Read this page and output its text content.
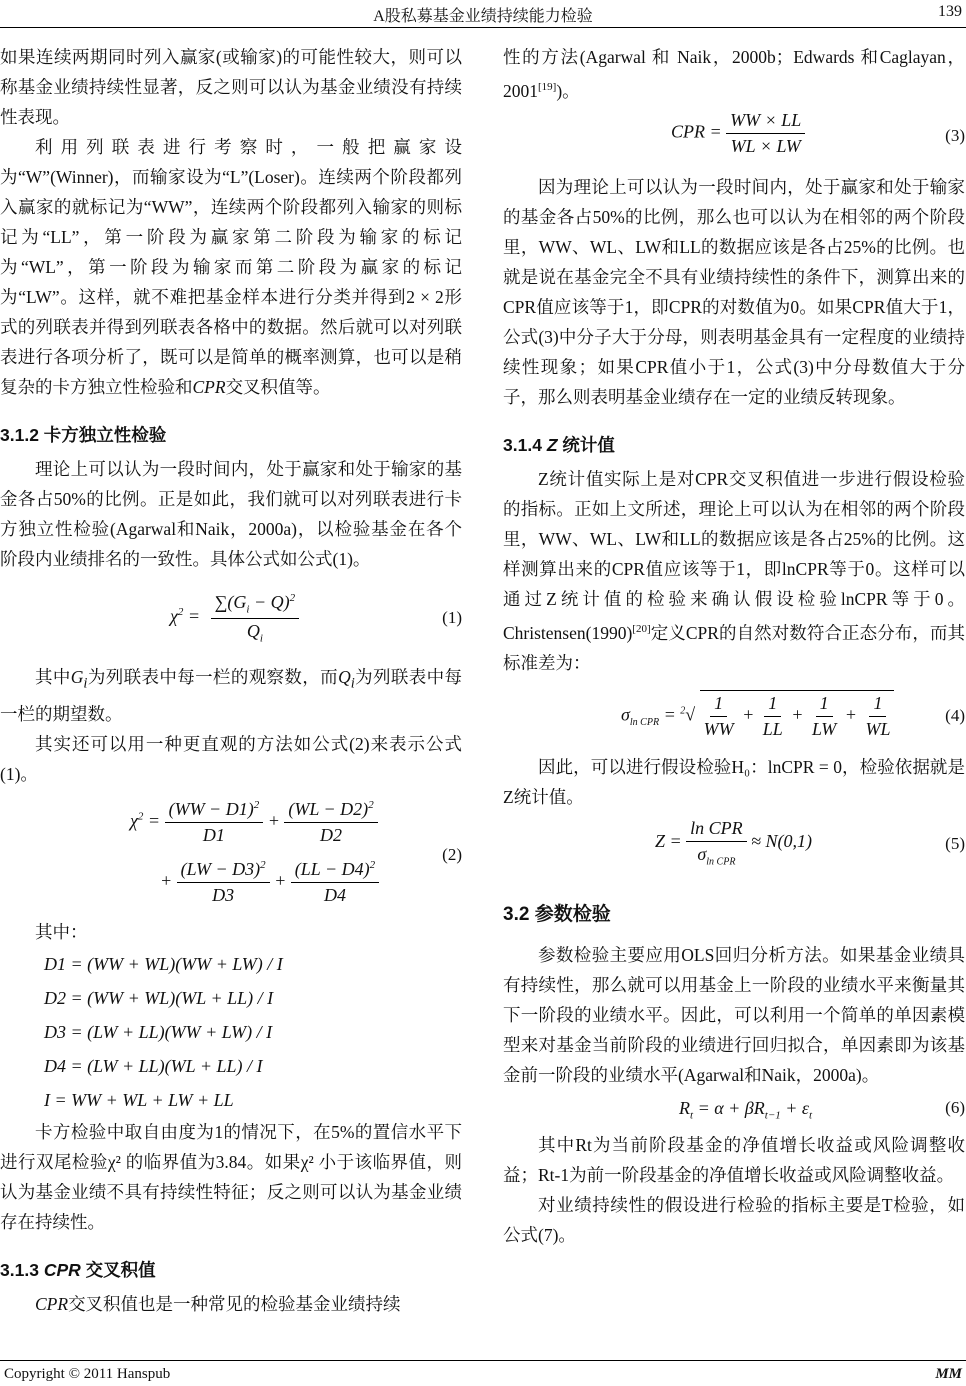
A股私募基金业绩持续能力检验	139

如果连续两期同时列入赢家(或输家)的可能性较大，则可以称基金业绩持续性显著，反之则可以认为基金业绩没有持续性表现。

利用列联表进行考察时，一般把赢家设为“W”(Winner)，而输家设为“L”(Loser)。连续两个阶段都列入赢家的就标记为“WW”，连续两个阶段都列入输家的则标记为“LL”，第一阶段为赢家第二阶段为输家的标记为“WL”，第一阶段为输家而第二阶段为赢家的标记为“LW”。这样，就不难把基金样本进行分类并得到2 × 2形式的列联表并得到列联表各格中的数据。然后就可以对列联表进行各项分析了，既可以是简单的概率测算，也可以是稍复杂的卡方独立性检验和CPR交叉积值等。

3.1.2 卡方独立性检验

理论上可以认为一段时间内，处于赢家和处于输家的基金各占50%的比例。正是如此，我们就可以对列联表进行卡方独立性检验(Agarwal和Naik，2000a)，以检验基金在各个阶段内业绩排名的一致性。具体公式如公式(1)。

$\chi^2 = \frac{\sum(G_i - Q)^2}{Q_i}$	(1)

其中$G_i$为列联表中每一栏的观察数，而$Q_i$为列联表中每一栏的期望数。

其实还可以用一种更直观的方法如公式(2)来表示公式(1)。

$\chi^2 = \frac{(WW - D1)^2}{D1} + \frac{(WL - D2)^2}{D2}$
+ $\frac{(LW - D3)^2}{D3} + \frac{(LL - D4)^2}{D4}$
(2)

其中：

D1 = (WW + WL)(WW + LW) / I
D2 = (WW + WL)(WL + LL) / I
D3 = (LW + LL)(WW + LW) / I
D4 = (LW + LL)(WL + LL) / I
I = WW + WL + LW + LL

卡方检验中取自由度为1的情况下，在5%的置信水平下进行双尾检验χ² 的临界值为3.84。如果χ² 小于该临界值，则认为基金业绩不具有持续性特征；反之则可以认为基金业绩存在持续性。

3.1.3 CPR 交叉积值

CPR交叉积值也是一种常见的检验基金业绩持续

性的方法(Agarwal 和 Naik，2000b；Edwards 和Caglayan，2001[19])。

CPR = $\frac{WW \times LL}{WL \times LW}$	(3)

因为理论上可以认为一段时间内，处于赢家和处于输家的基金各占50%的比例，那么也可以认为在相邻的两个阶段里，WW、WL、LW和LL的数据应该是各占25%的比例。也就是说在基金完全不具有业绩持续性的条件下，测算出来的CPR值应该等于1，即CPR的对数值为0。如果CPR值大于1，公式(3)中分子大于分母，则表明基金具有一定程度的业绩持续性现象；如果CPR值小于1，公式(3)中分母数值大于分子，那么则表明基金业绩存在一定的业绩反转现象。

3.1.4 Z 统计值

Z统计值实际上是对CPR交叉积值进一步进行假设检验的指标。正如上文所述，理论上可以认为在相邻的两个阶段里，WW、WL、LW和LL的数据应该是各占25%的比例。这样测算出来的CPR值应该等于1，即lnCPR等于0。这样可以通过Z统计值的检验来确认假设检验lnCPR等于0。Christensen(1990)[20]定义CPR的自然对数符合正态分布，而其标准差为：

$\sigma_{ln CPR} = ^2√ \frac{1}{WW} + \frac{1}{LL} + \frac{1}{LW} + \frac{1}{WL}$	(4)

因此，可以进行假设检验H₀：lnCPR = 0，检验依据就是Z统计值。

$Z = \frac{\text{ln CPR}}{\sigma_{ln CPR}} \approx N(0,1)$	(5)
3.2 参数检验

参数检验主要应用OLS回归分析方法。如果基金业绩具有持续性，那么就可以用基金上一阶段的业绩水平来衡量其下一阶段的业绩水平。因此，可以利用一个简单的单因素模型来对基金当前阶段的业绩进行回归拟合，单因素即为该基金前一阶段的业绩水平(Agarwal和Naik，2000a)。

$R_t = \alpha + \beta R_{t-1} + \varepsilon_t$	(6)

其中Rt为当前阶段基金的净值增长收益或风险调整收益；Rt-1为前一阶段基金的净值增长收益或风险调整收益。

对业绩持续性的假设进行检验的指标主要是T检验，如公式(7)。

Copyright © 2011 Hanspub	MM
